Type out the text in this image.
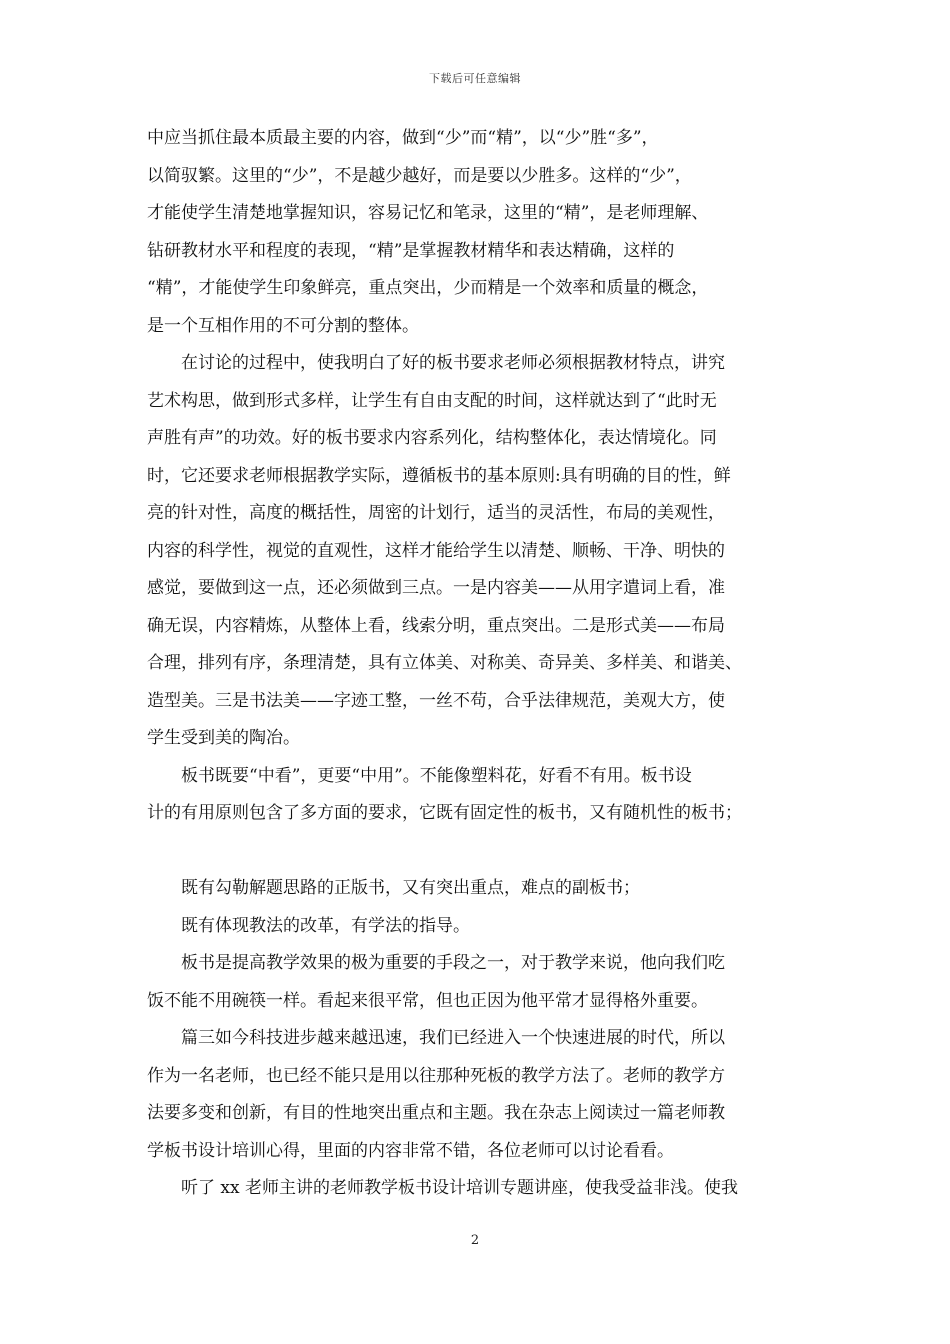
下载后可任意编辑
中应当抓住最本质最主要的内容，做到“少”而“精”，以“少”胜“多”，
以简驭繁。这里的“少”，不是越少越好，而是要以少胜多。这样的“少”，
才能使学生清楚地掌握知识，容易记忆和笔录，这里的“精”，是老师理解、
钻研教材水平和程度的表现，“精”是掌握教材精华和表达精确，这样的
“精”，才能使学生印象鲜亮，重点突出，少而精是一个效率和质量的概念，
是一个互相作用的不可分割的整体。
　　在讨论的过程中，使我明白了好的板书要求老师必须根据教材特点，讲究
艺术构思，做到形式多样，让学生有自由支配的时间，这样就达到了“此时无
声胜有声”的功效。好的板书要求内容系列化，结构整体化，表达情境化。同
时，它还要求老师根据教学实际，遵循板书的基本原则:具有明确的目的性，鲜
亮的针对性，高度的概括性，周密的计划行，适当的灵活性，布局的美观性，
内容的科学性，视觉的直观性，这样才能给学生以清楚、顺畅、干净、明快的
感觉，要做到这一点，还必须做到三点。一是内容美——从用字遣词上看，准
确无误，内容精炼，从整体上看，线索分明，重点突出。二是形式美——布局
合理，排列有序，条理清楚，具有立体美、对称美、奇异美、多样美、和谐美、
造型美。三是书法美——字迹工整，一丝不苟，合乎法律规范，美观大方，使
学生受到美的陶冶。
　　板书既要“中看”，更要“中用”。不能像塑料花，好看不有用。板书设
计的有用原则包含了多方面的要求，它既有固定性的板书，又有随机性的板书；
　　既有勾勒解题思路的正版书，又有突出重点，难点的副板书；
　　既有体现教法的改革，有学法的指导。
　　板书是提高教学效果的极为重要的手段之一，对于教学来说，他向我们吃
饭不能不用碗筷一样。看起来很平常，但也正因为他平常才显得格外重要。
　　篇三如今科技进步越来越迅速，我们已经进入一个快速进展的时代，所以
作为一名老师，也已经不能只是用以往那种死板的教学方法了。老师的教学方
法要多变和创新，有目的性地突出重点和主题。我在杂志上阅读过一篇老师教
学板书设计培训心得，里面的内容非常不错，各位老师可以讨论看看。
　　听了 xx 老师主讲的老师教学板书设计培训专题讲座，使我受益非浅。使我
2
